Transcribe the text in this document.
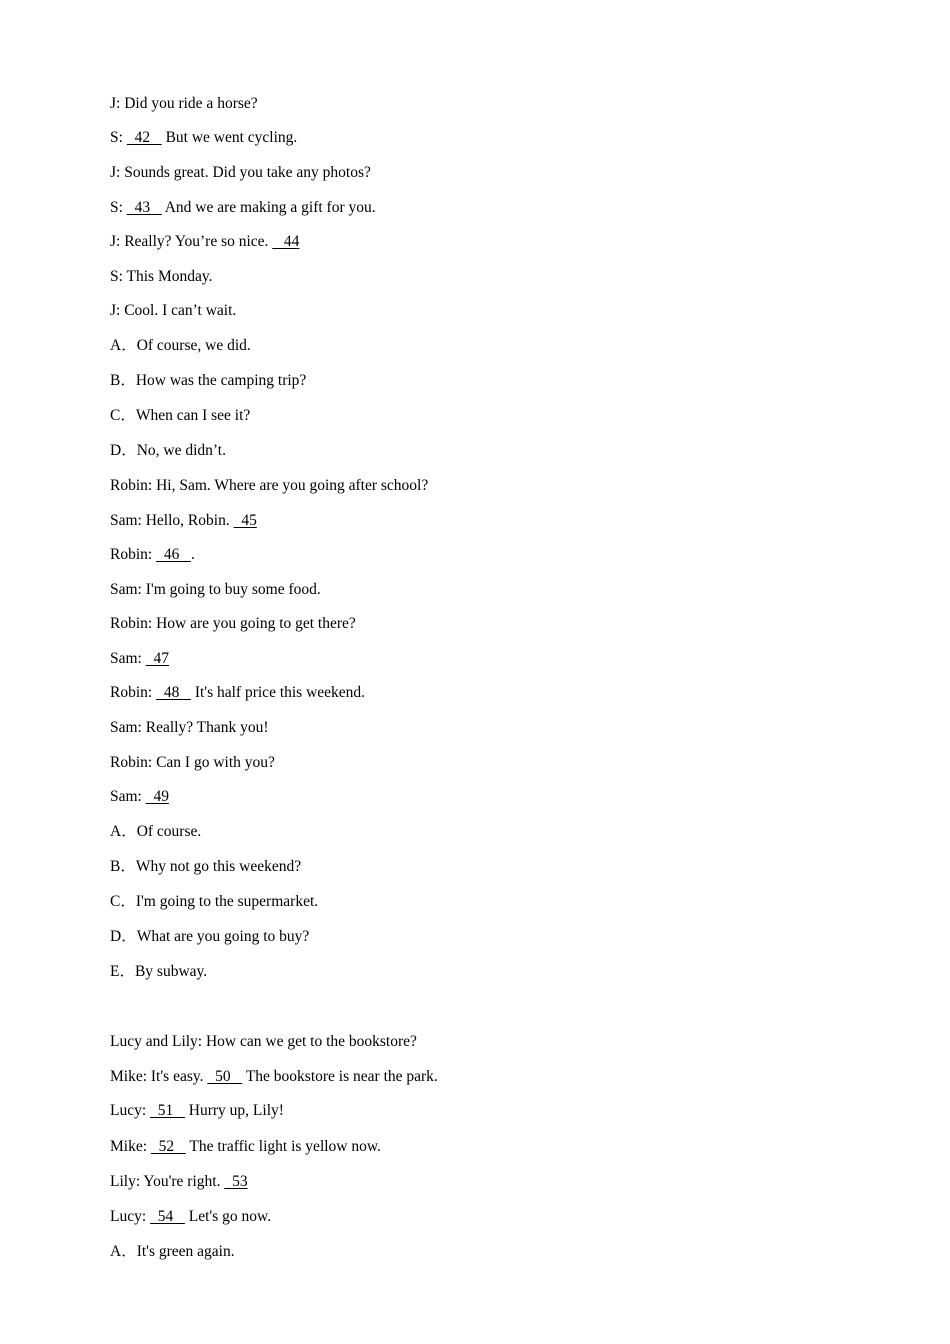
J: Did you ride a horse?
S:   42    But we went cycling.
J: Sounds great. Did you take any photos?
S:   43    And we are making a gift for you.
J: Really? You’re so nice.    44
S: This Monday.
J: Cool. I can’t wait.
A．Of course, we did.
B．How was the camping trip?
C．When can I see it?
D．No, we didn’t.
Robin: Hi, Sam. Where are you going after school?
Sam: Hello, Robin.   45
Robin:   46   .
Sam: I'm going to buy some food.
Robin: How are you going to get there?
Sam:   47
Robin:   48    It's half price this weekend.
Sam: Really? Thank you!
Robin: Can I go with you?
Sam:   49
A．Of course.
B．Why not go this weekend?
C．I'm going to the supermarket.
D．What are you going to buy?
E．By subway.
Lucy and Lily: How can we get to the bookstore?
Mike: It's easy.   50    The bookstore is near the park.
Lucy:   51    Hurry up, Lily!
Mike:   52    The traffic light is yellow now.
Lily: You're right.   53
Lucy:   54    Let's go now.
A．It's green again.
